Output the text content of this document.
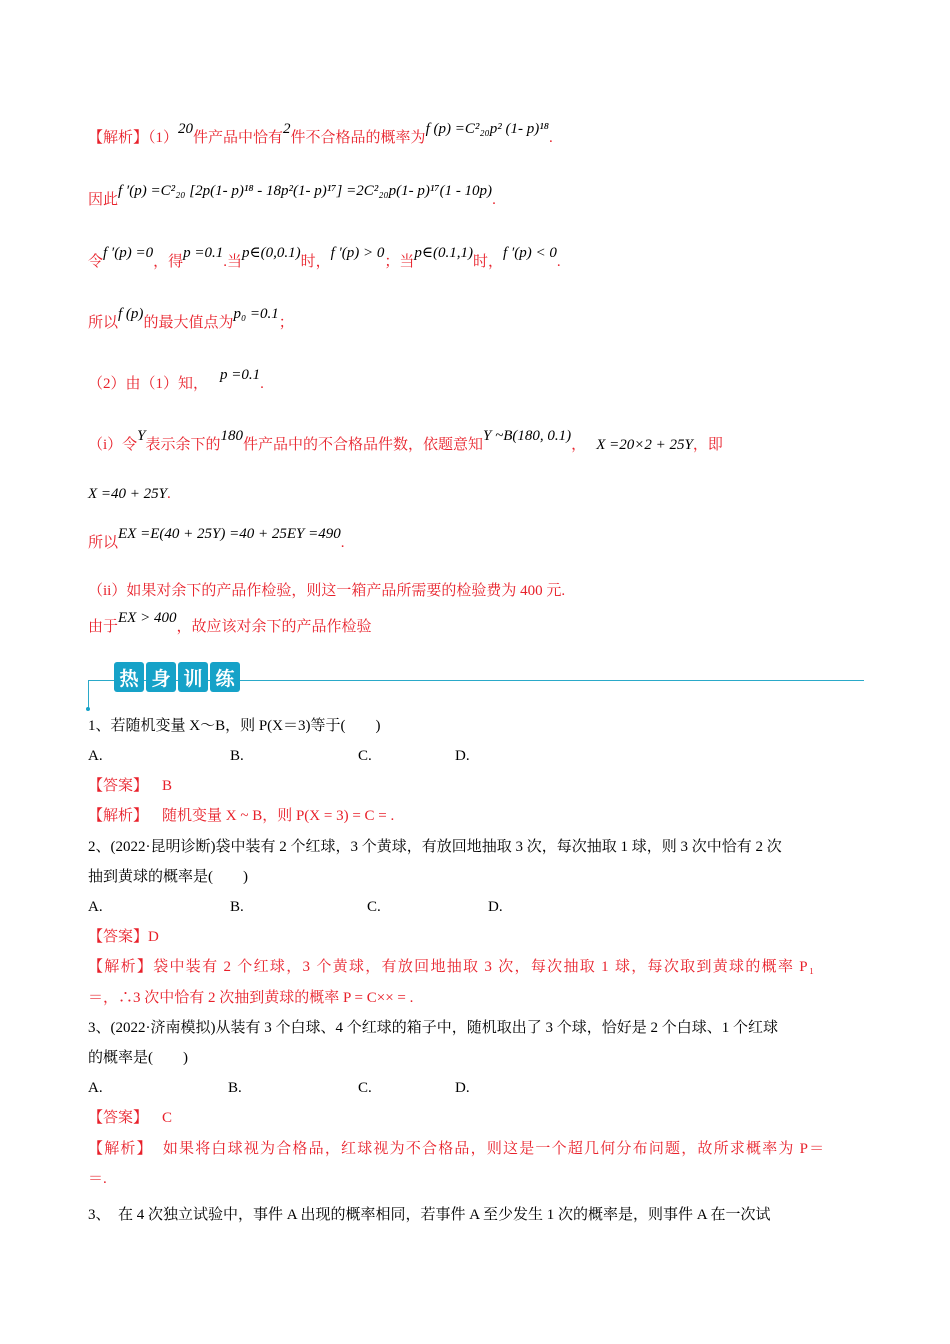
【解析】（1）20件产品中恰有2件不合格品的概率为f (p) =C²₂₀p² (1- p)¹⁸.
因此f ′(p) =C²₂₀ [2p(1- p)¹⁸ - 18p²(1- p)¹⁷] =2C²₂₀p(1- p)¹⁷(1 - 10p).
令f ′(p) =0，得p =0.1.当p∈(0,0.1)时，f ′(p) > 0；当p∈(0.1,1)时，f ′(p) < 0.
所以f (p)的最大值点为p₀ =0.1；
（2）由（1）知，p =0.1.
（i）令Y表示余下的180件产品中的不合格品件数，依题意知Y ~B(180, 0.1)， X =20×2 + 25Y，即
X =40 + 25Y.
所以EX =E(40 + 25Y) =40 + 25EY =490.
（ii）如果对余下的产品作检验，则这一箱产品所需要的检验费为 400 元.
由于EX > 400，故应该对余下的产品作检验
热 身 训 练
1、若随机变量 X～B，则 P(X＝3)等于(　　)
A.	B.	C.	D.
【答案】 B
【解析】 随机变量 X ~ B，则 P(X = 3) = C = .
2、(2022·昆明诊断)袋中装有 2 个红球，3 个黄球，有放回地抽取 3 次，每次抽取 1 球，则 3 次中恰有 2 次
抽到黄球的概率是(　　)
A.	B.	C.	D.
【答案】D
【解析】袋中装有 2 个红球，3 个黄球，有放回地抽取 3 次，每次抽取 1 球，每次取到黄球的概率 P₁
＝，∴3 次中恰有 2 次抽到黄球的概率 P = C×× = .
3、(2022·济南模拟)从装有 3 个白球、4 个红球的箱子中，随机取出了 3 个球，恰好是 2 个白球、1 个红球
的概率是(　　)
A.	B.	C.	D.
【答案】 C
【解析】 如果将白球视为合格品，红球视为不合格品，则这是一个超几何分布问题，故所求概率为 P＝
＝.
3、　在 4 次独立试验中，事件 A 出现的概率相同，若事件 A 至少发生 1 次的概率是，则事件 A 在一次试
